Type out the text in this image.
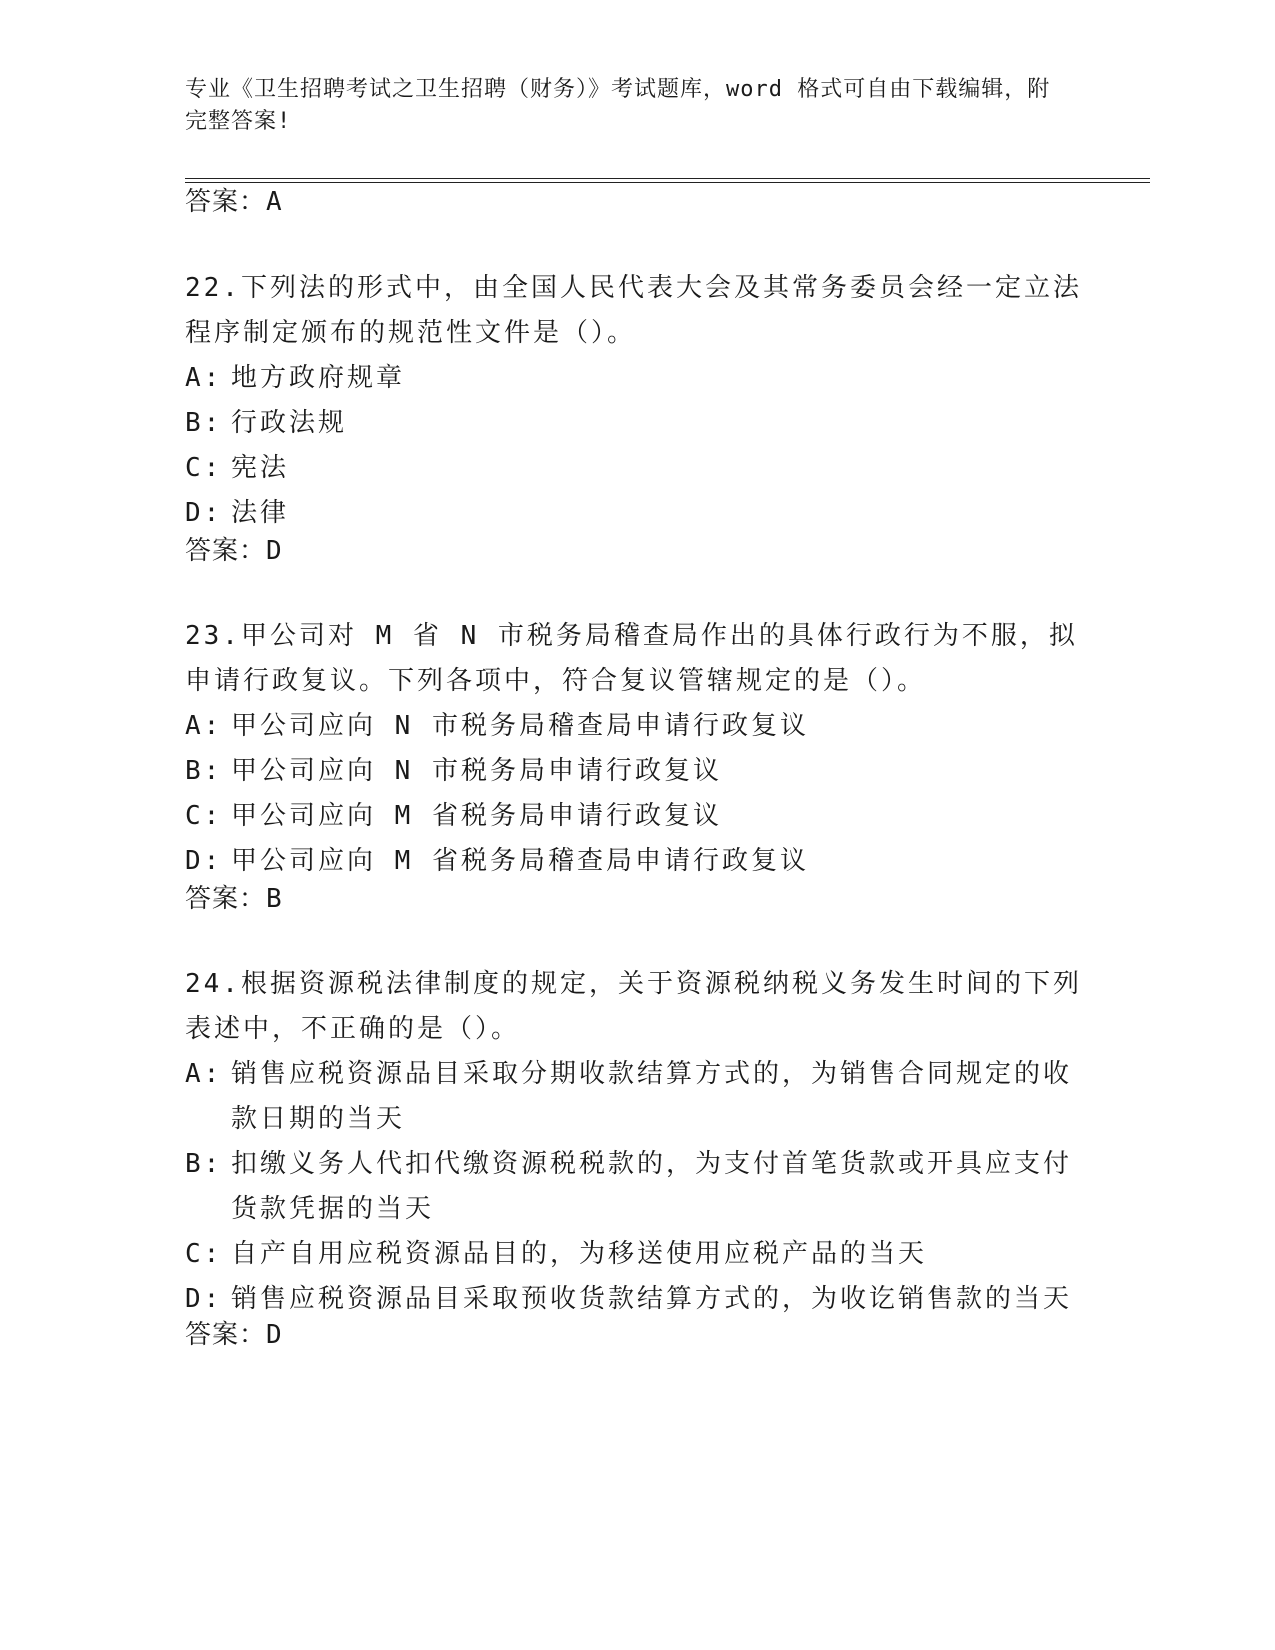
专业《卫生招聘考试之卫生招聘（财务）》考试题库，word 格式可自由下载编辑，附完整答案!
答案：A

22.下列法的形式中，由全国人民代表大会及其常务委员会经一定立法程序制定颁布的规范性文件是（）。

A: 地方政府规章

B: 行政法规

C: 宪法

D: 法律

答案：D

23.甲公司对 M 省 N 市税务局稽查局作出的具体行政行为不服，拟申请行政复议。下列各项中，符合复议管辖规定的是（）。

A: 甲公司应向 N 市税务局稽查局申请行政复议

B: 甲公司应向 N 市税务局申请行政复议

C: 甲公司应向 M 省税务局申请行政复议

D: 甲公司应向 M 省税务局稽查局申请行政复议

答案：B

24.根据资源税法律制度的规定，关于资源税纳税义务发生时间的下列表述中，不正确的是（）。

A: 销售应税资源品目采取分期收款结算方式的，为销售合同规定的收款日期的当天

B: 扣缴义务人代扣代缴资源税税款的，为支付首笔货款或开具应支付货款凭据的当天

C: 自产自用应税资源品目的，为移送使用应税产品的当天

D: 销售应税资源品目采取预收货款结算方式的，为收讫销售款的当天

答案：D
